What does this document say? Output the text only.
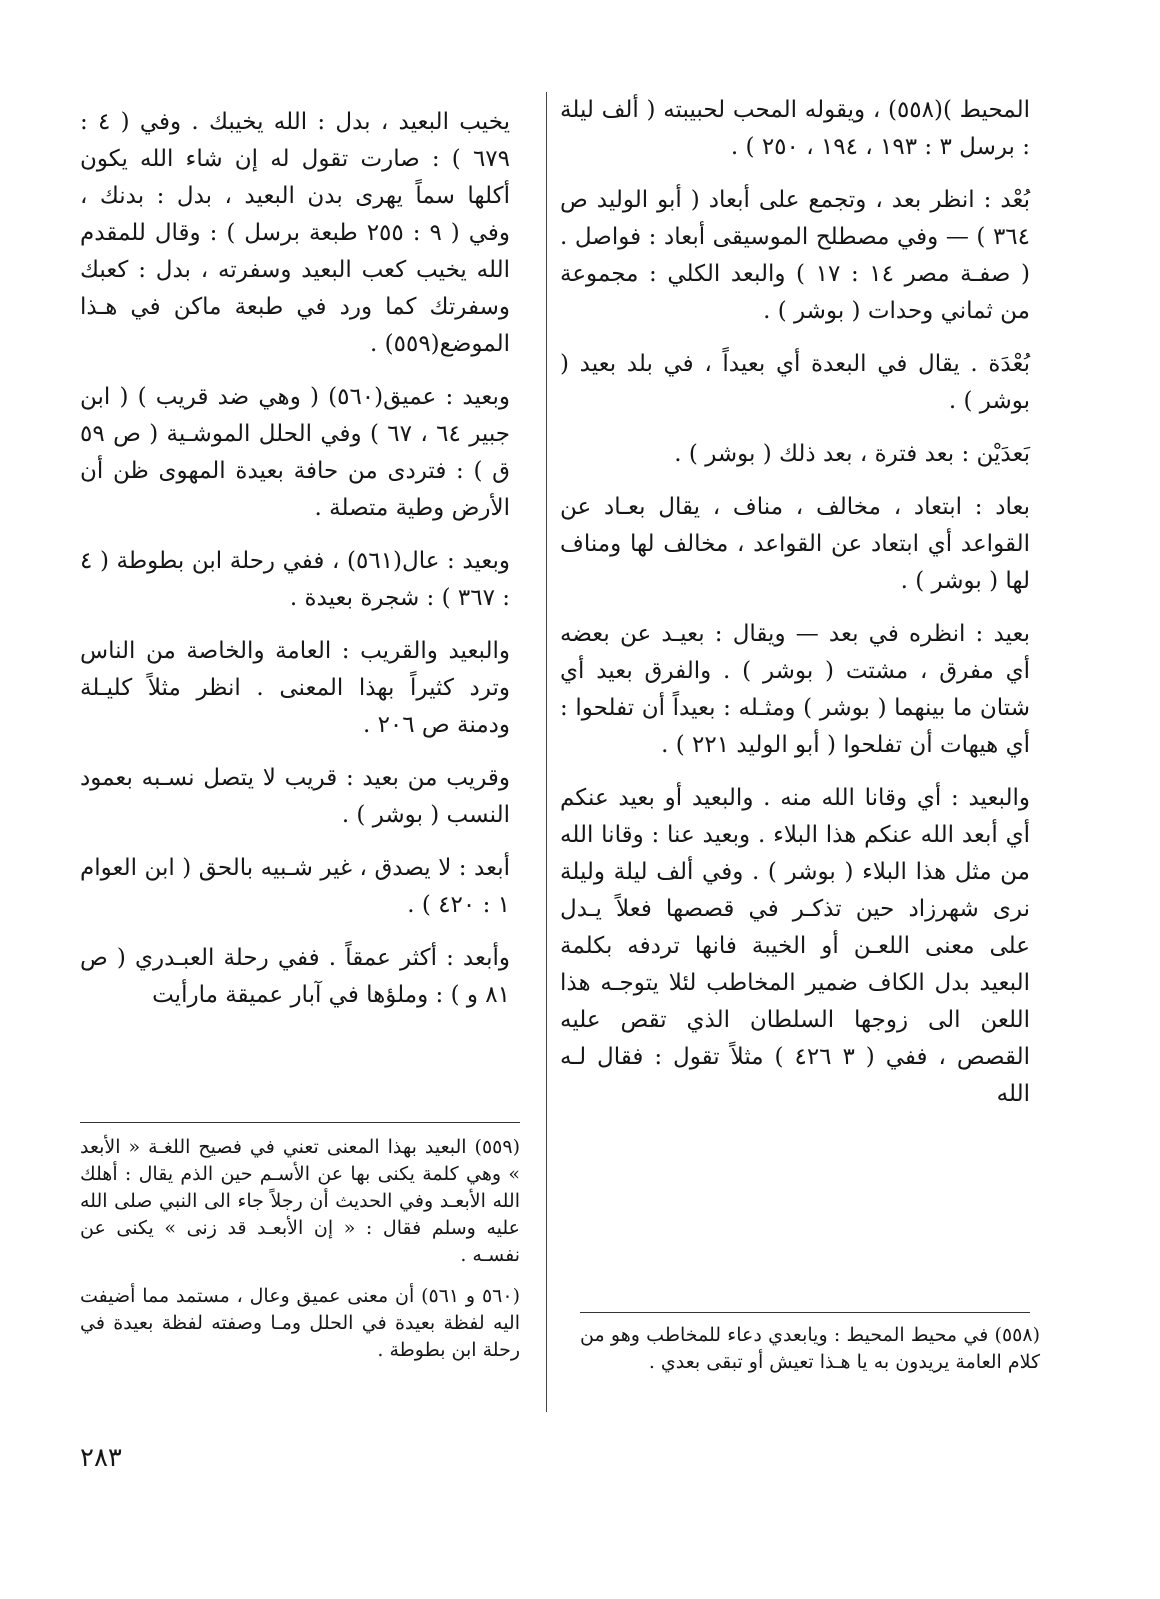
المحيط )(٥٥٨) ، ويقوله المحب لحبيبته ( ألف ليلة : برسل ٣ : ١٩٣ ، ١٩٤ ، ٢٥٠ ) .

بُعْد : انظر بعد ، وتجمع على أبعاد ( أبو الوليد ص ٣٦٤ ) — وفي مصطلح الموسيقى أبعاد : فواصل . ( صفـة مصر ١٤ : ١٧ ) والبعد الكلي : مجموعة من ثماني وحدات ( بوشر ) .

بُعْدَة . يقال في البعدة أي بعيداً ، في بلد بعيد ( بوشر ) .

بَعدَيْن : بعد فترة ، بعد ذلك ( بوشر ) .

بعاد : ابتعاد ، مخالف ، مناف ، يقال بعـاد عن القواعد أي ابتعاد عن القواعد ، مخالف لها ومناف لها ( بوشر ) .

بعيد : انظره في بعد — ويقال : بعيـد عن بعضه أي مفرق ، مشتت ( بوشر ) . والفرق بعيد أي شتان ما بينهما ( بوشر ) ومثـله : بعيداً أن تفلحوا : أي هيهات أن تفلحوا ( أبو الوليد ٢٢١ ) .

والبعيد : أي وقانا الله منه . والبعيد أو بعيد عنكم أي أبعد الله عنكم هذا البلاء . وبعيد عنا : وقانا الله من مثل هذا البلاء ( بوشر ) . وفي ألف ليلة وليلة نرى شهرزاد حين تذكـر في قصصها فعلاً يـدل على معنى اللعـن أو الخيبة فانها تردفه بكلمة البعيد بدل الكاف ضمير المخاطب لئلا يتوجـه هذا اللعن الى زوجها السلطان الذي تقص عليه القصص ، ففي ( ٣ ٤٢٦ ) مثلاً تقول : فقال لـه الله

يخيب البعيد ، بدل : الله يخيبك . وفي ( ٤ : ٦٧٩ ) : صارت تقول له إن شاء الله يكون أكلها سماً يهرى بدن البعيد ، بدل : بدنك ، وفي ( ٩ : ٢٥٥ طبعة برسل ) : وقال للمقدم الله يخيب كعب البعيد وسفرته ، بدل : كعبك وسفرتك كما ورد في طبعة ماكن في هـذا الموضع(٥٥٩) .

وبعيد : عميق(٥٦٠) ( وهي ضد قريب ) ( ابن جبير ٦٤ ، ٦٧ ) وفي الحلل الموشـية ( ص ٥٩ ق ) : فتردى من حافة بعيدة المهوى ظن أن الأرض وطية متصلة .

وبعيد : عال(٥٦١) ، ففي رحلة ابن بطوطة ( ٤ : ٣٦٧ ) : شجرة بعيدة .

والبعيد والقريب : العامة والخاصة من الناس وترد كثيراً بهذا المعنى . انظر مثلاً كليـلة ودمنة ص ٢٠٦ .

وقريب من بعيد : قريب لا يتصل نسـبه بعمود النسب ( بوشر ) .

أبعد : لا يصدق ، غير شـبيه بالحق ( ابن العوام ١ : ٤٢٠ ) .

وأبعد : أكثر عمقاً . ففي رحلة العبـدري ( ص ٨١ و ) : وملؤها في آبار عميقة مارأيت

(٥٥٨) في محيط المحيط : ويابعدي دعاء للمخاطب وهو من كلام العامة يريدون به يا هـذا تعيش أو تبقى بعدي .

(٥٥٩) البعيد بهذا المعنى تعني في فصيح اللغـة « الأبعد » وهي كلمة يكنى بها عن الأسـم حين الذم يقال : أهلك الله الأبعـد وفي الحديث أن رجلاً جاء الى النبي صلى الله عليه وسلم فقال : « إن الأبعـد قد زنى » يكنى عن نفسـه .

(٥٦٠ و ٥٦١) أن معنى عميق وعال ، مستمد مما أضيفت اليه لفظة بعيدة في الحلل ومـا وصفته لفظة بعيدة في رحلة ابن بطوطة .

٢٨٣
